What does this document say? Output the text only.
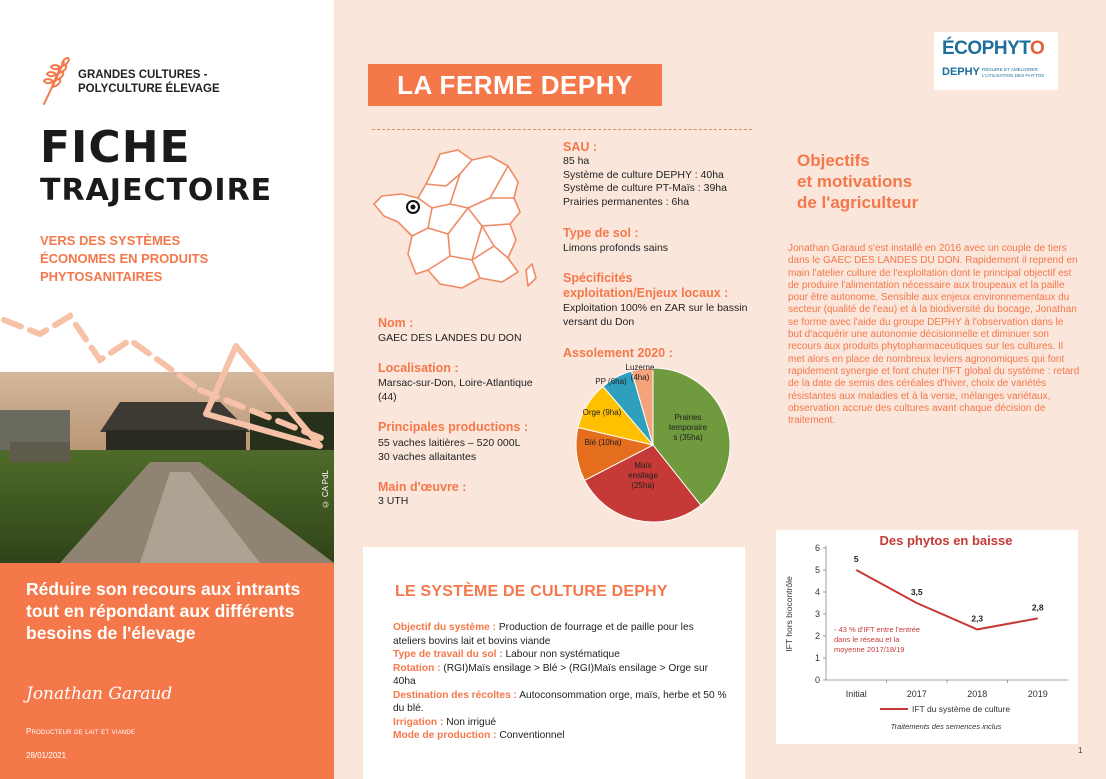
GRANDES CULTURES -
POLYCULTURE ÉLEVAGE
FICHE
TRAJECTOIRE
VERS DES SYSTÈMES
ÉCONOMES EN PRODUITS
PHYTOSANITAIRES
© CA PdL
Réduire son recours aux intrants tout en répondant aux différents besoins de l'élevage
Jonathan Garaud
Producteur de lait et viande
28/01/2021
LA FERME DEPHY
ÉCOPHYTO
DEPHY RÉDUIRE ET AMÉLIORER L'UTILISATION DES PHYTOS
Nom :
GAEC DES LANDES DU DON
Localisation :
Marsac-sur-Don, Loire-Atlantique
(44)
Principales productions :
55 vaches laitières – 520 000L
30 vaches allaitantes
Main d'œuvre :
3 UTH
SAU :
85 ha
Système de culture DEPHY : 40ha
Système de culture PT-Maïs : 39ha
Prairies permanentes : 6ha
Type de sol :
Limons profonds sains
Spécificités
exploitation/Enjeux locaux :
Exploitation 100% en ZAR sur le bassin
versant du Don
Assolement 2020 :
Prairies temporaire s (35ha)
Maïs ensilage (25ha)
Blé (10ha)
Orge (9ha)
PP (6ha)
Luzerne (4ha)
Objectifs
et motivations
de l'agriculteur
Jonathan Garaud s'est installé en 2016 avec un couple de tiers dans le GAEC DES LANDES DU DON. Rapidement il reprend en main l'atelier culture de l'exploitation dont le principal objectif est de produire l'alimentation nécessaire aux troupeaux et la paille pour être autonome. Sensible aux enjeux environnementaux du secteur (qualité de l'eau) et à la biodiversité du bocage, Jonathan se forme avec l'aide du groupe DEPHY à l'observation dans le but d'acquérir une autonomie décisionnelle et diminuer son recours aux produits phytopharmaceutiques sur les cultures. Il met alors en place de nombreux leviers agronomiques qui font rapidement synergie et font chuter l'IFT global du système : retard de la date de semis des céréales d'hiver, choix de variétés résistantes aux maladies et à la verse, mélanges variétaux, observation accrue des cultures avant chaque décision de traitement.
LE SYSTÈME DE CULTURE DEPHY
Objectif du système : Production de fourrage et de paille pour les ateliers bovins lait et bovins viande
Type de travail du sol : Labour non systématique
Rotation : (RGI)Maïs ensilage > Blé > (RGI)Maïs ensilage > Orge sur 40ha
Destination des récoltes : Autoconsommation orge, maïs, herbe et 50 % du blé.
Irrigation : Non irrigué
Mode de production : Conventionnel
Des phytos en baisse
IFT hors biocontrôle
0
1
2
3
4
5
6
Initial	2017	2018	2019
5
3,5
2,3
2,8
- 43 % d'IFT entre l'entrée dans le réseau et la moyenne 2017/18/19
IFT du système de culture
Traitements des semences inclus
1
